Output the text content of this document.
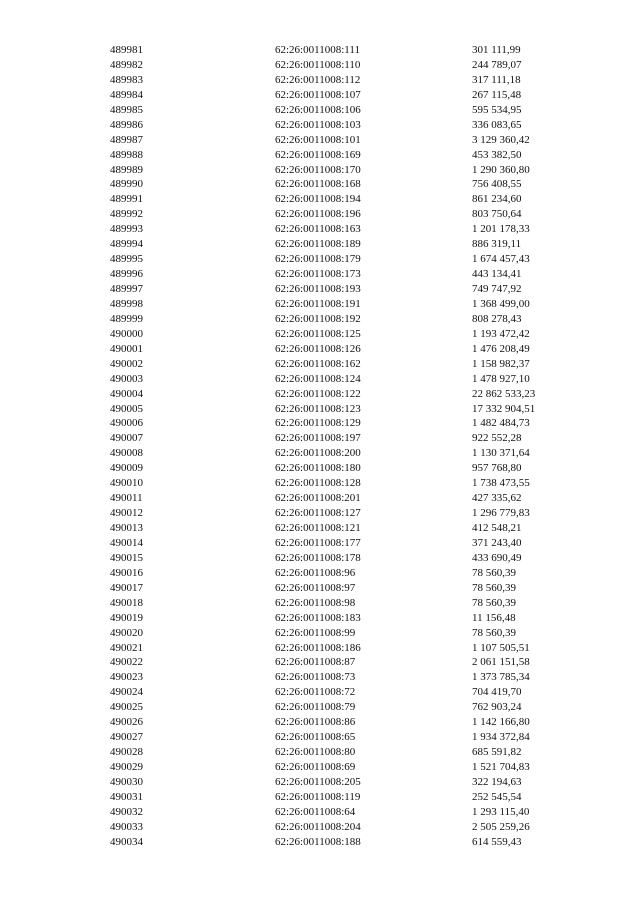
489981	62:26:0011008:111	301 111,99
489982	62:26:0011008:110	244 789,07
489983	62:26:0011008:112	317 111,18
489984	62:26:0011008:107	267 115,48
489985	62:26:0011008:106	595 534,95
489986	62:26:0011008:103	336 083,65
489987	62:26:0011008:101	3 129 360,42
489988	62:26:0011008:169	453 382,50
489989	62:26:0011008:170	1 290 360,80
489990	62:26:0011008:168	756 408,55
489991	62:26:0011008:194	861 234,60
489992	62:26:0011008:196	803 750,64
489993	62:26:0011008:163	1 201 178,33
489994	62:26:0011008:189	886 319,11
489995	62:26:0011008:179	1 674 457,43
489996	62:26:0011008:173	443 134,41
489997	62:26:0011008:193	749 747,92
489998	62:26:0011008:191	1 368 499,00
489999	62:26:0011008:192	808 278,43
490000	62:26:0011008:125	1 193 472,42
490001	62:26:0011008:126	1 476 208,49
490002	62:26:0011008:162	1 158 982,37
490003	62:26:0011008:124	1 478 927,10
490004	62:26:0011008:122	22 862 533,23
490005	62:26:0011008:123	17 332 904,51
490006	62:26:0011008:129	1 482 484,73
490007	62:26:0011008:197	922 552,28
490008	62:26:0011008:200	1 130 371,64
490009	62:26:0011008:180	957 768,80
490010	62:26:0011008:128	1 738 473,55
490011	62:26:0011008:201	427 335,62
490012	62:26:0011008:127	1 296 779,83
490013	62:26:0011008:121	412 548,21
490014	62:26:0011008:177	371 243,40
490015	62:26:0011008:178	433 690,49
490016	62:26:0011008:96	78 560,39
490017	62:26:0011008:97	78 560,39
490018	62:26:0011008:98	78 560,39
490019	62:26:0011008:183	11 156,48
490020	62:26:0011008:99	78 560,39
490021	62:26:0011008:186	1 107 505,51
490022	62:26:0011008:87	2 061 151,58
490023	62:26:0011008:73	1 373 785,34
490024	62:26:0011008:72	704 419,70
490025	62:26:0011008:79	762 903,24
490026	62:26:0011008:86	1 142 166,80
490027	62:26:0011008:65	1 934 372,84
490028	62:26:0011008:80	685 591,82
490029	62:26:0011008:69	1 521 704,83
490030	62:26:0011008:205	322 194,63
490031	62:26:0011008:119	252 545,54
490032	62:26:0011008:64	1 293 115,40
490033	62:26:0011008:204	2 505 259,26
490034	62:26:0011008:188	614 559,43
